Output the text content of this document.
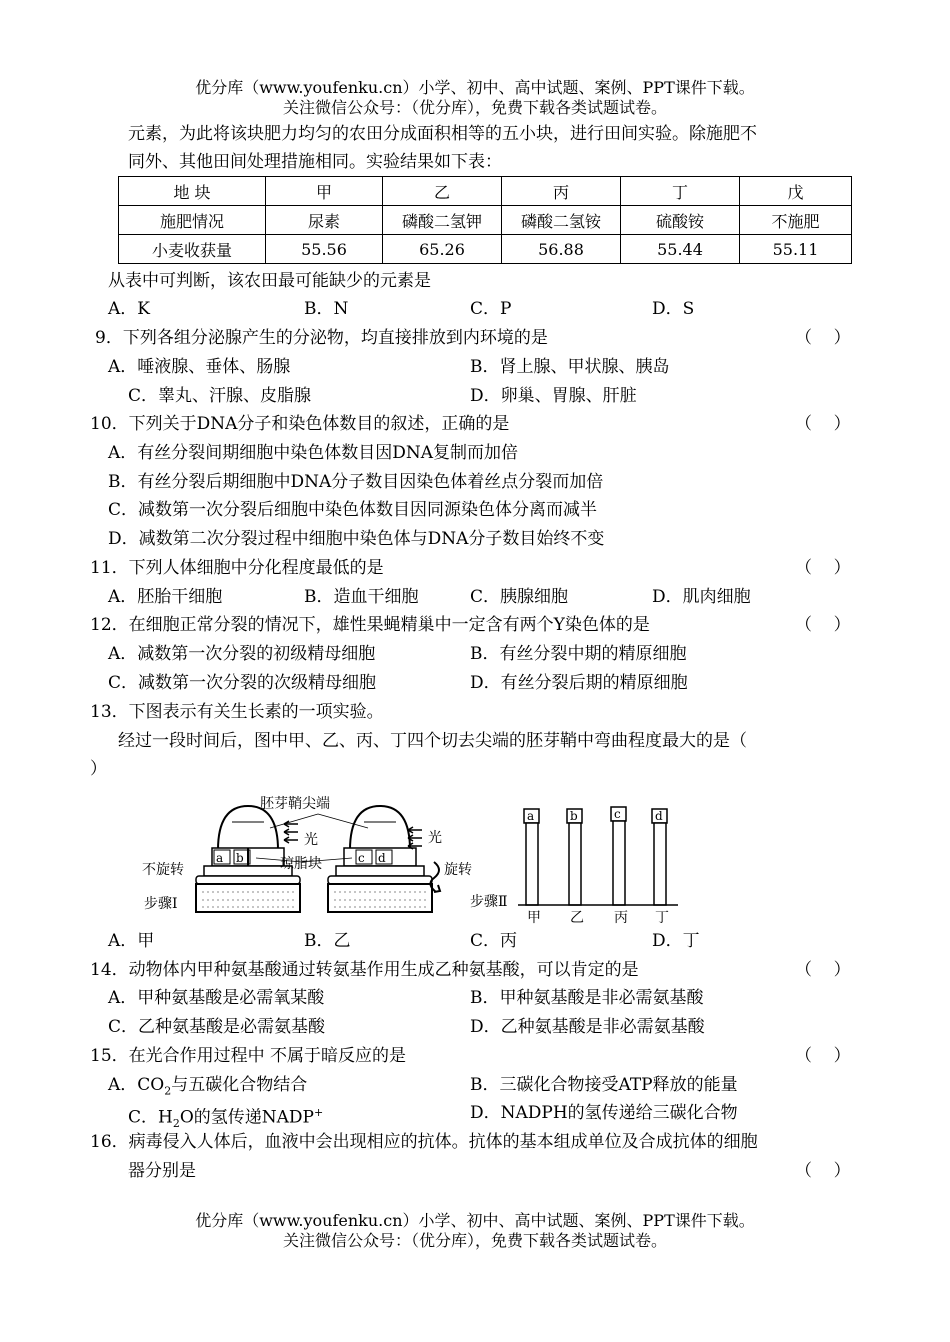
优分库（www.youfenku.cn）小学、初中、高中试题、案例、PPT课件下载。
关注微信公众号：（优分库），免费下载各类试题试卷。
元素，为此将该块肥力均匀的农田分成面积相等的五小块，进行田间实验。除施肥不
同外、其他田间处理措施相同。实验结果如下表：
地 块	甲	乙	丙	丁	戊
施肥情况	尿素	磷酸二氢钾	磷酸二氢铵	硫酸铵	不施肥
小麦收获量	55.56	65.26	56.88	55.44	55.11
从表中可判断，该农田最可能缺少的元素是
A．K	B．N	C．P	D．S
9．下列各组分泌腺产生的分泌物，均直接排放到内环境的是	（    ）
A．唾液腺、垂体、肠腺	B．肾上腺、甲状腺、胰岛
C．睾丸、汗腺、皮脂腺	D．卵巢、胃腺、肝脏
10．下列关于DNA分子和染色体数目的叙述，正确的是	（    ）
A．有丝分裂间期细胞中染色体数目因DNA复制而加倍
B．有丝分裂后期细胞中DNA分子数目因染色体着丝点分裂而加倍
C．减数第一次分裂后细胞中染色体数目因同源染色体分离而减半
D．减数第二次分裂过程中细胞中染色体与DNA分子数目始终不变
11．下列人体细胞中分化程度最低的是	（    ）
A．胚胎干细胞	B．造血干细胞	C．胰腺细胞	D．肌肉细胞
12．在细胞正常分裂的情况下，雄性果蝇精巢中一定含有两个Y染色体的是	（    ）
A．减数第一次分裂的初级精母细胞	B．有丝分裂中期的精原细胞
C．减数第一次分裂的次级精母细胞	D．有丝分裂后期的精原细胞
13．下图表示有关生长素的一项实验。
经过一段时间后，图中甲、乙、丙、丁四个切去尖端的胚芽鞘中弯曲程度最大的是（
）
a b	c d
胚芽鞘尖端
光	光
不旋转	琼脂块	旋转
步骤Ⅰ
a	b	c	d
步骤Ⅱ
甲 乙 丙 丁
A．甲	B．乙	C．丙	D．丁
14．动物体内甲种氨基酸通过转氨基作用生成乙种氨基酸，可以肯定的是	（    ）
A．甲种氨基酸是必需氧某酸	B．甲种氨基酸是非必需氨基酸
C．乙种氨基酸是必需氨基酸	D．乙种氨基酸是非必需氨基酸
15．在光合作用过程中 不属于暗反应的是	（    ）
A．$CO_2$与五碳化合物结合	B．三碳化合物接受ATP释放的能量
C．$H_2O$的氢传递NADP+	D．NADPH的氢传递给三碳化合物
16．病毒侵入人体后，血液中会出现相应的抗体。抗体的基本组成单位及合成抗体的细胞
器分别是	（    ）
优分库（www.youfenku.cn）小学、初中、高中试题、案例、PPT课件下载。
关注微信公众号：（优分库），免费下载各类试题试卷。
